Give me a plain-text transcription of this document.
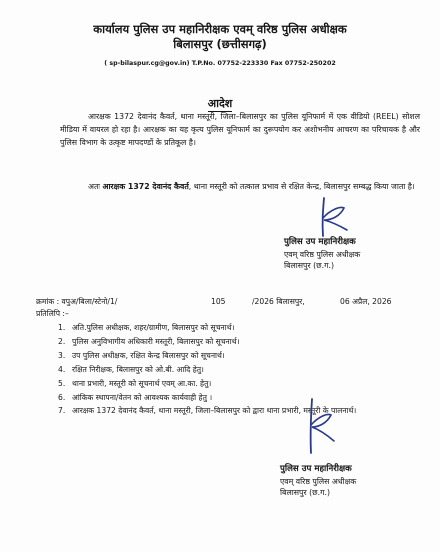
कार्यालय पुलिस उप महानिरीक्षक एवम् वरिष्ठ पुलिस अधीक्षक
बिलासपुर (छत्तीसगढ़)
( sp-bilaspur.cg@gov.in) T.P.No. 07752-223330 Fax 07752-250202
आदेश
आरक्षक 1372 देवानंद कैवर्त, थाना मस्तूरी, जिला–बिलासपुर का पुलिस यूनिफार्म में एक वीडियो (REEL) सोशल मीडिया में वायरल हो रहा है। आरक्षक का यह कृत्य पुलिस यूनिफार्म का दुरूपयोग कर अशोभनीय आचरण का परिचायक है और पुलिस विभाग के उत्कृष्ट मापदण्डों के प्रतिकूल है।
अतः आरक्षक 1372 देवानंद कैवर्त, थाना मस्तूरी को तत्काल प्रभाव से रक्षित केन्द्र, बिलासपुर सम्बद्ध किया जाता है।
पुलिस उप महानिरीक्षक
एवम् वरिष्ठ पुलिस अधीक्षक
बिलासपुर (छ.ग.)
क्रमांक : वपुअ/बिला/स्टेनो/1/	105	/2026 बिलासपुर,	06 अप्रैल, 2026
प्रतिलिपि :–
1. अति.पुलिस अधीक्षक, शहर/ग्रामीण, बिलासपुर को सूचनार्थ।
2. पुलिस अनुविभागीय अधिकारी मस्तूरी, बिलासपुर को सूचनार्थ।
3. उप पुलिस अधीक्षक, रक्षित केन्द्र बिलासपुर को सूचनार्थ।
4. रक्षित निरीक्षक, बिलासपुर को ओ.बी. आदि हेतु।
5. थाना प्रभारी, मस्तूरी को सूचनार्थ एवम् आ.का. हेतु।
6. आंकिक स्थापना/वेतन को आवश्यक कार्यवाही हेतु ।
7. आरक्षक 1372 देवानंद कैवर्त, थाना मस्तूरी, जिला–बिलासपुर को द्वारा थाना प्रभारी, मस्तूरी के पालनार्थ।
पुलिस उप महानिरीक्षक
एवम् वरिष्ठ पुलिस अधीक्षक
बिलासपुर (छ.ग.)
